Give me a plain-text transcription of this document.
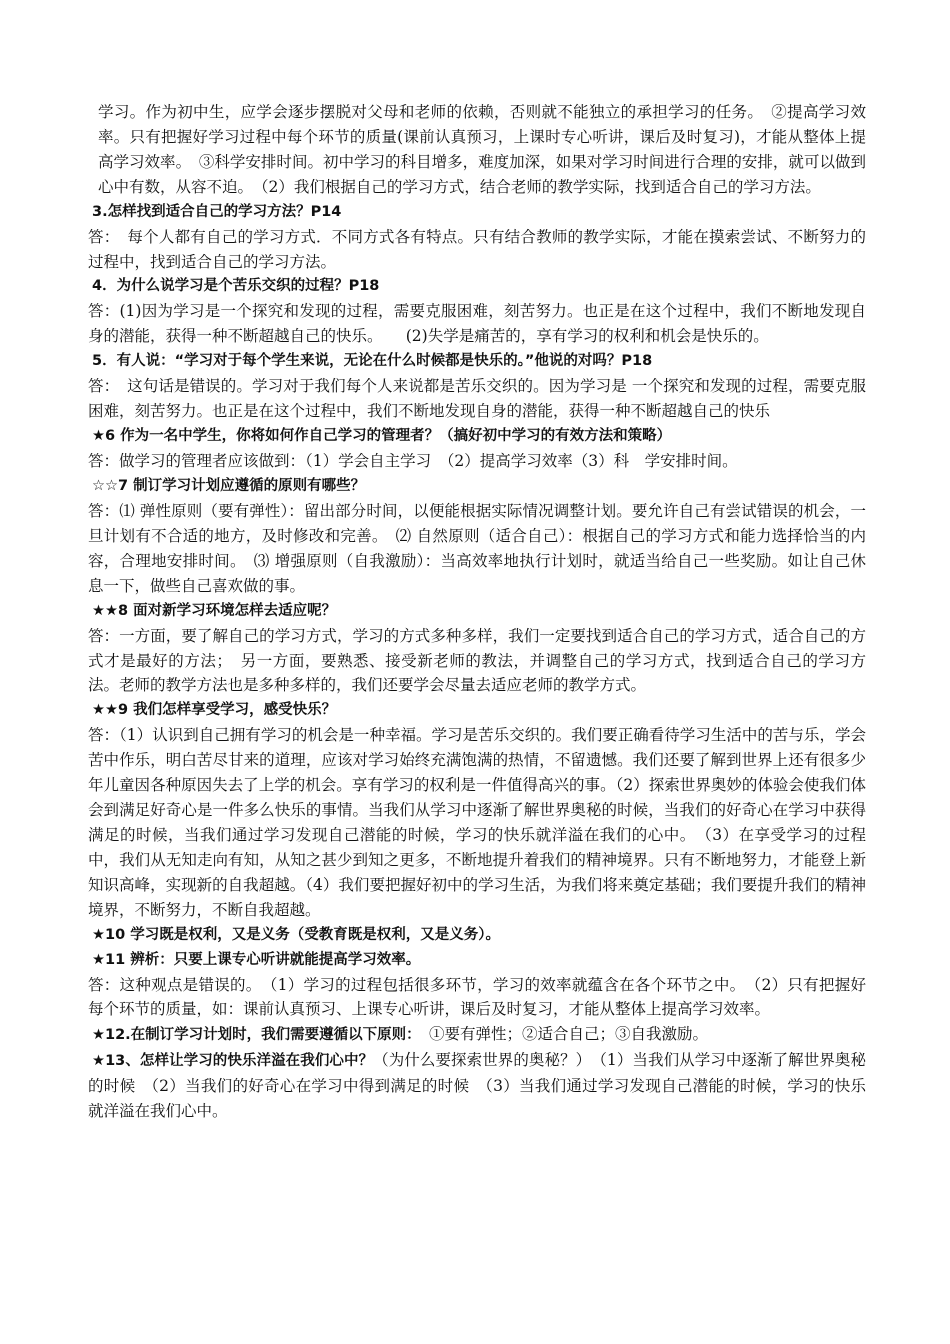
学习。作为初中生，应学会逐步摆脱对父母和老师的依赖，否则就不能独立的承担学习的任务。　②提高学习效率。只有把握好学习过程中每个环节的质量(课前认真预习，上课时专心听讲，课后及时复习)，才能从整体上提高学习效率。　③科学安排时间。初中学习的科目增多，难度加深，如果对学习时间进行合理的安排，就可以做到心中有数，从容不迫。　（2）我们根据自己的学习方式，结合老师的教学实际，找到适合自己的学习方法。

3.怎样找到适合自己的学习方法？P14

答：　每个人都有自己的学习方式．不同方式各有特点。只有结合教师的教学实际，才能在摸索尝试、不断努力的过程中，找到适合自己的学习方法。

4．为什么说学习是个苦乐交织的过程？P18

答：(1)因为学习是一个探究和发现的过程，需要克服困难，刻苦努力。也正是在这个过程中，我们不断地发现自身的潜能，获得一种不断超越自己的快乐。　　(2)失学是痛苦的，享有学习的权利和机会是快乐的。

5．有人说：“学习对于每个学生来说，无论在什么时候都是快乐的。”他说的对吗？P18

答：　这句话是错误的。学习对于我们每个人来说都是苦乐交织的。因为学习是 一个探究和发现的过程，需要克服困难，刻苦努力。也正是在这个过程中，我们不断地发现自身的潜能，获得一种不断超越自己的快乐

★6 作为一名中学生，你将如何作自己学习的管理者？（搞好初中学习的有效方法和策略）

答：做学习的管理者应该做到：（1）学会自主学习　（2）提高学习效率（3）科　学安排时间。

☆☆7 制订学习计划应遵循的原则有哪些？

答：⑴ 弹性原则（要有弹性）：留出部分时间，以便能根据实际情况调整计划。要允许自己有尝试错误的机会，一旦计划有不合适的地方，及时修改和完善。　⑵ 自然原则（适合自己）：根据自己的学习方式和能力选择恰当的内容，合理地安排时间。　⑶ 增强原则（自我激励）：当高效率地执行计划时，就适当给自己一些奖励。如让自己休息一下，做些自己喜欢做的事。

★★8 面对新学习环境怎样去适应呢？

答：一方面，要了解自己的学习方式，学习的方式多种多样，我们一定要找到适合自己的学习方式，适合自己的方式才是最好的方法；　另一方面，要熟悉、接受新老师的教法，并调整自己的学习方式，找到适合自己的学习方法。老师的教学方法也是多种多样的，我们还要学会尽量去适应老师的教学方式。

★★9 我们怎样享受学习，感受快乐？

答：（1）认识到自己拥有学习的机会是一种幸福。学习是苦乐交织的。我们要正确看待学习生活中的苦与乐，学会苦中作乐，明白苦尽甘来的道理，应该对学习始终充满饱满的热情，不留遗憾。我们还要了解到世界上还有很多少年儿童因各种原因失去了上学的机会。享有学习的权利是一件值得高兴的事。（2）探索世界奥妙的体验会使我们体会到满足好奇心是一件多么快乐的事情。当我们从学习中逐渐了解世界奥秘的时候，当我们的好奇心在学习中获得满足的时候，当我们通过学习发现自己潜能的时候，学习的快乐就洋溢在我们的心中。　（3）在享受学习的过程中，我们从无知走向有知，从知之甚少到知之更多，不断地提升着我们的精神境界。只有不断地努力，才能登上新知识高峰，实现新的自我超越。（4）我们要把握好初中的学习生活，为我们将来奠定基础；我们要提升我们的精神境界，不断努力，不断自我超越。

★10 学习既是权利，又是义务（受教育既是权利，又是义务）。

★11 辨析：只要上课专心听讲就能提高学习效率。

答：这种观点是错误的。　（1）学习的过程包括很多环节，学习的效率就蕴含在各个环节之中。　（2）只有把握好每个环节的质量，如：课前认真预习、上课专心听讲，课后及时复习，才能从整体上提高学习效率。

★12.在制订学习计划时，我们需要遵循以下原则：　①要有弹性；②适合自己；③自我激励。

★13、怎样让学习的快乐洋溢在我们心中？（为什么要探索世界的奥秘？）　（1）当我们从学习中逐渐了解世界奥秘的时候　（2）当我们的好奇心在学习中得到满足的时候　（3）当我们通过学习发现自己潜能的时候，学习的快乐就洋溢在我们心中。
